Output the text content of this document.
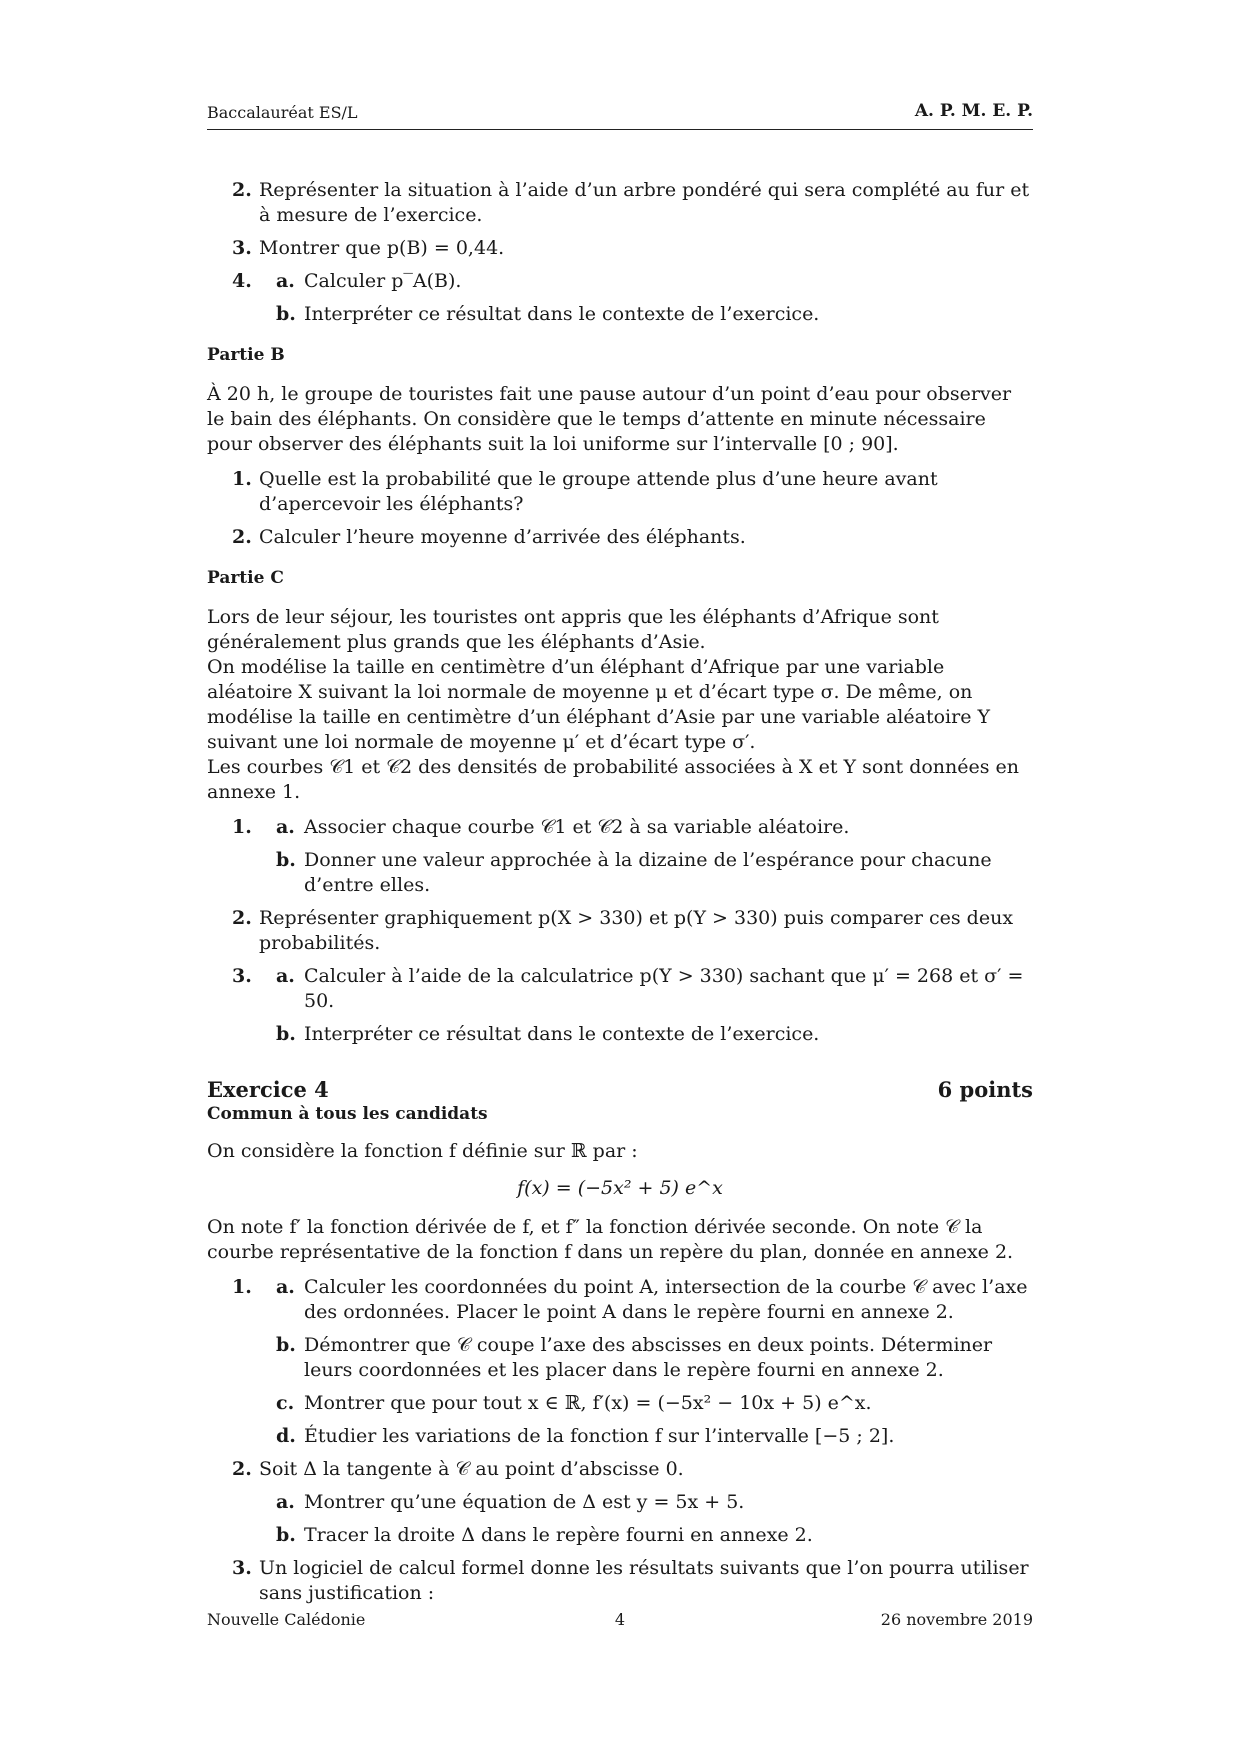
Baccalauréat ES/L	A. P. M. E. P.
2. Représenter la situation à l’aide d’un arbre pondéré qui sera complété au fur et à mesure de l’exercice.
3. Montrer que p(B) = 0,44.
4. a. Calculer p‾A(B).
b. Interpréter ce résultat dans le contexte de l’exercice.
Partie B

À 20 h, le groupe de touristes fait une pause autour d’un point d’eau pour observer le bain des éléphants. On considère que le temps d’attente en minute nécessaire pour observer des éléphants suit la loi uniforme sur l’intervalle [0 ; 90].

1. Quelle est la probabilité que le groupe attende plus d’une heure avant d’apercevoir les éléphants?
2. Calculer l’heure moyenne d’arrivée des éléphants.
Partie C

Lors de leur séjour, les touristes ont appris que les éléphants d’Afrique sont généralement plus grands que les éléphants d’Asie.

On modélise la taille en centimètre d’un éléphant d’Afrique par une variable aléatoire X suivant la loi normale de moyenne μ et d’écart type σ. De même, on modélise la taille en centimètre d’un éléphant d’Asie par une variable aléatoire Y suivant une loi normale de moyenne μ′ et d’écart type σ′.

Les courbes 𝒞1 et 𝒞2 des densités de probabilité associées à X et Y sont données en annexe 1.

1. a. Associer chaque courbe 𝒞1 et 𝒞2 à sa variable aléatoire.
b. Donner une valeur approchée à la dizaine de l’espérance pour chacune d’entre elles.
2. Représenter graphiquement p(X > 330) et p(Y > 330) puis comparer ces deux probabilités.
3. a. Calculer à l’aide de la calculatrice p(Y > 330) sachant que μ′ = 268 et σ′ = 50.
b. Interpréter ce résultat dans le contexte de l’exercice.
Exercice 4	6 points
Commun à tous les candidats

On considère la fonction f définie sur ℝ par :

f(x) = (−5x² + 5) e^x

On note f′ la fonction dérivée de f, et f″ la fonction dérivée seconde. On note 𝒞 la courbe représentative de la fonction f dans un repère du plan, donnée en annexe 2.

1. a. Calculer les coordonnées du point A, intersection de la courbe 𝒞 avec l’axe des ordonnées. Placer le point A dans le repère fourni en annexe 2.
b. Démontrer que 𝒞 coupe l’axe des abscisses en deux points. Déterminer leurs coordonnées et les placer dans le repère fourni en annexe 2.
c. Montrer que pour tout x ∈ ℝ, f′(x) = (−5x² − 10x + 5) e^x.
d. Étudier les variations de la fonction f sur l’intervalle [−5 ; 2].
2. Soit Δ la tangente à 𝒞 au point d’abscisse 0.
a. Montrer qu’une équation de Δ est y = 5x + 5.
b. Tracer la droite Δ dans le repère fourni en annexe 2.
3. Un logiciel de calcul formel donne les résultats suivants que l’on pourra utiliser sans justification :
Nouvelle Calédonie	4	26 novembre 2019
